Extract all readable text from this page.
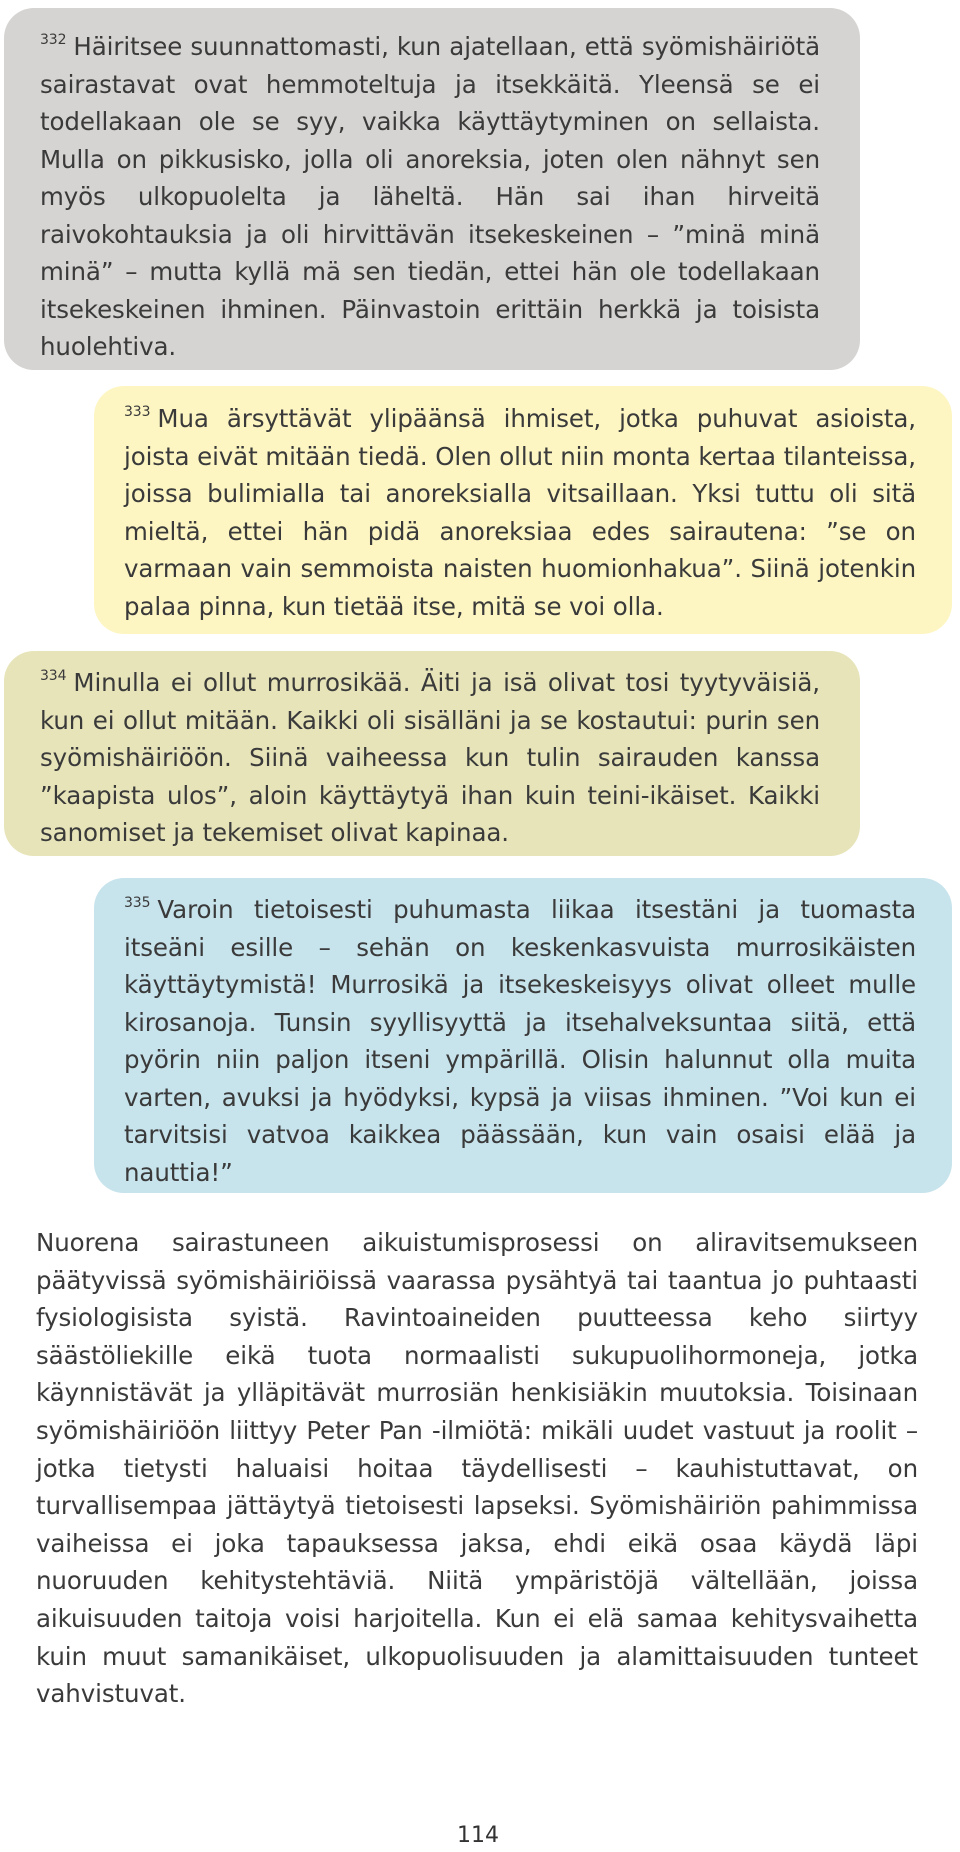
$^{332}$ Häiritsee suunnattomasti, kun ajatellaan, että syömishäiriötä sairastavat ovat hemmoteltuja ja itsekkäitä. Yleensä se ei todellakaan ole se syy, vaikka käyttäytyminen on sellaista. Mulla on pikkusisko, jolla oli anoreksia, joten olen nähnyt sen myös ulkopuolelta ja läheltä. Hän sai ihan hirveitä raivokohtauksia ja oli hirvittävän itsekeskeinen – ”minä minä minä” – mutta kyllä mä sen tiedän, ettei hän ole todellakaan itsekeskeinen ihminen. Päinvastoin erittäin herkkä ja toisista huolehtiva.

$^{333}$ Mua ärsyttävät ylipäänsä ihmiset, jotka puhuvat asioista, joista eivät mitään tiedä. Olen ollut niin monta kertaa tilanteissa, joissa bulimialla tai anoreksialla vitsaillaan. Yksi tuttu oli sitä mieltä, ettei hän pidä anoreksiaa edes sairautena: ”se on varmaan vain semmoista naisten huomionhakua”. Siinä jotenkin palaa pinna, kun tietää itse, mitä se voi olla.

$^{334}$ Minulla ei ollut murrosikää. Äiti ja isä olivat tosi tyytyväisiä, kun ei ollut mitään. Kaikki oli sisälläni ja se kostautui: purin sen syömishäiriöön. Siinä vaiheessa kun tulin sairauden kanssa ”kaapista ulos”, aloin käyttäytyä ihan kuin teini-ikäiset. Kaikki sanomiset ja tekemiset olivat kapinaa.

$^{335}$ Varoin tietoisesti puhumasta liikaa itsestäni ja tuomasta itseäni esille – sehän on keskenkasvuista murrosikäisten käyttäytymistä! Murrosikä ja itsekeskeisyys olivat olleet mulle kirosanoja. Tunsin syyllisyyttä ja itsehalveksuntaa siitä, että pyörin niin paljon itseni ympärillä. Olisin halunnut olla muita varten, avuksi ja hyödyksi, kypsä ja viisas ihminen. ”Voi kun ei tarvitsisi vatvoa kaikkea päässään, kun vain osaisi elää ja nauttia!”

Nuorena sairastuneen aikuistumisprosessi on aliravitsemukseen päätyvissä syömishäiriöissä vaarassa pysähtyä tai taantua jo puhtaasti fysiologisista syistä. Ravintoaineiden puutteessa keho siirtyy säästöliekille eikä tuota normaalisti sukupuolihormoneja, jotka käynnistävät ja ylläpitävät murrosiän henkisiäkin muutoksia. Toisinaan syömishäiriöön liittyy Peter Pan -ilmiötä: mikäli uudet vastuut ja roolit – jotka tietysti haluaisi hoitaa täydellisesti – kauhistuttavat, on turvallisempaa jättäytyä tietoisesti lapseksi. Syömishäiriön pahimmissa vaiheissa ei joka tapauksessa jaksa, ehdi eikä osaa käydä läpi nuoruuden kehitystehtäviä. Niitä ympäristöjä vältellään, joissa aikuisuuden taitoja voisi harjoitella. Kun ei elä samaa kehitysvaihetta kuin muut samanikäiset, ulkopuolisuuden ja alamittaisuuden tunteet vahvistuvat.

114
